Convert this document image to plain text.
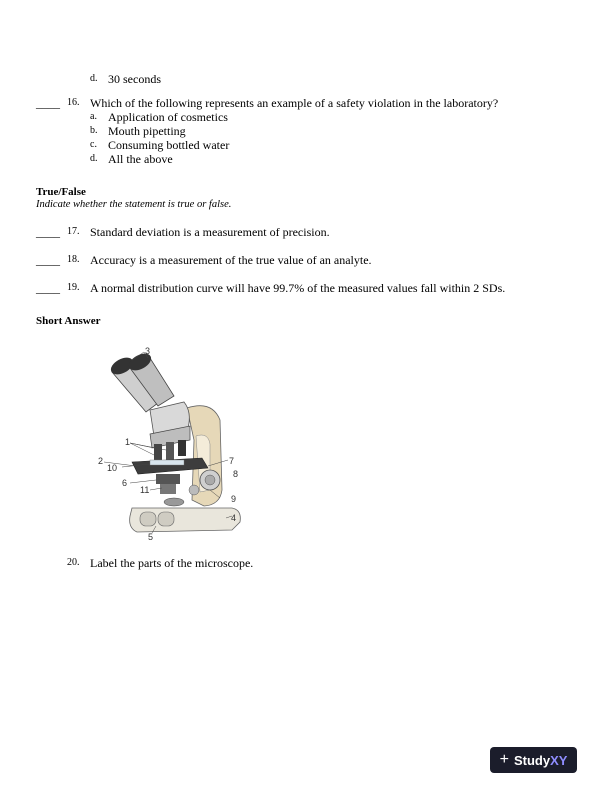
d. 30 seconds
____ 16. Which of the following represents an example of a safety violation in the laboratory?
a. Application of cosmetics
b. Mouth pipetting
c. Consuming bottled water
d. All the above
True/False
Indicate whether the statement is true or false.
____ 17. Standard deviation is a measurement of precision.
____ 18. Accuracy is a measurement of the true value of an analyte.
____ 19. A normal distribution curve will have 99.7% of the measured values fall within 2 SDs.
Short Answer
1
2
3
4
5
6
7
8
9
10
11
20. Label the parts of the microscope.
+ StudyXY
